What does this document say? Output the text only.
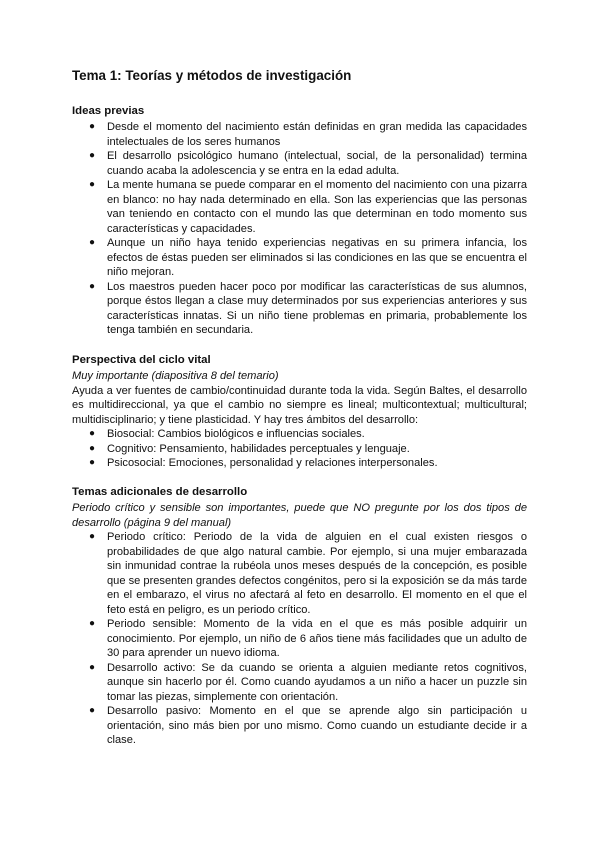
Tema 1: Teorías y métodos de investigación
Ideas previas
● Desde el momento del nacimiento están definidas en gran medida las capacidades intelectuales de los seres humanos
● El desarrollo psicológico humano (intelectual, social, de la personalidad) termina cuando acaba la adolescencia y se entra en la edad adulta.
● La mente humana se puede comparar en el momento del nacimiento con una pizarra en blanco: no hay nada determinado en ella. Son las experiencias que las personas van teniendo en contacto con el mundo las que determinan en todo momento sus características y capacidades.
● Aunque un niño haya tenido experiencias negativas en su primera infancia, los efectos de éstas pueden ser eliminados si las condiciones en las que se encuentra el niño mejoran.
● Los maestros pueden hacer poco por modificar las características de sus alumnos, porque éstos llegan a clase muy determinados por sus experiencias anteriores y sus características innatas. Si un niño tiene problemas en primaria, probablemente los tenga también en secundaria.
Perspectiva del ciclo vital

Muy importante (diapositiva 8 del temario)

Ayuda a ver fuentes de cambio/continuidad durante toda la vida. Según Baltes, el desarrollo es multidireccional, ya que el cambio no siempre es lineal; multicontextual; multicultural; multidisciplinario; y tiene plasticidad. Y hay tres ámbitos del desarrollo:

● Biosocial: Cambios biológicos e influencias sociales.
● Cognitivo: Pensamiento, habilidades perceptuales y lenguaje.
● Psicosocial: Emociones, personalidad y relaciones interpersonales.
Temas adicionales de desarrollo

Periodo crítico y sensible son importantes, puede que NO pregunte por los dos tipos de desarrollo (página 9 del manual)

● Periodo crítico: Periodo de la vida de alguien en el cual existen riesgos o probabilidades de que algo natural cambie. Por ejemplo, si una mujer embarazada sin inmunidad contrae la rubéola unos meses después de la concepción, es posible que se presenten grandes defectos congénitos, pero si la exposición se da más tarde en el embarazo, el virus no afectará al feto en desarrollo. El momento en el que el feto está en peligro, es un periodo crítico.
● Periodo sensible: Momento de la vida en el que es más posible adquirir un conocimiento. Por ejemplo, un niño de 6 años tiene más facilidades que un adulto de 30 para aprender un nuevo idioma.
● Desarrollo activo: Se da cuando se orienta a alguien mediante retos cognitivos, aunque sin hacerlo por él. Como cuando ayudamos a un niño a hacer un puzzle sin tomar las piezas, simplemente con orientación.
● Desarrollo pasivo: Momento en el que se aprende algo sin participación u orientación, sino más bien por uno mismo. Como cuando un estudiante decide ir a clase.
